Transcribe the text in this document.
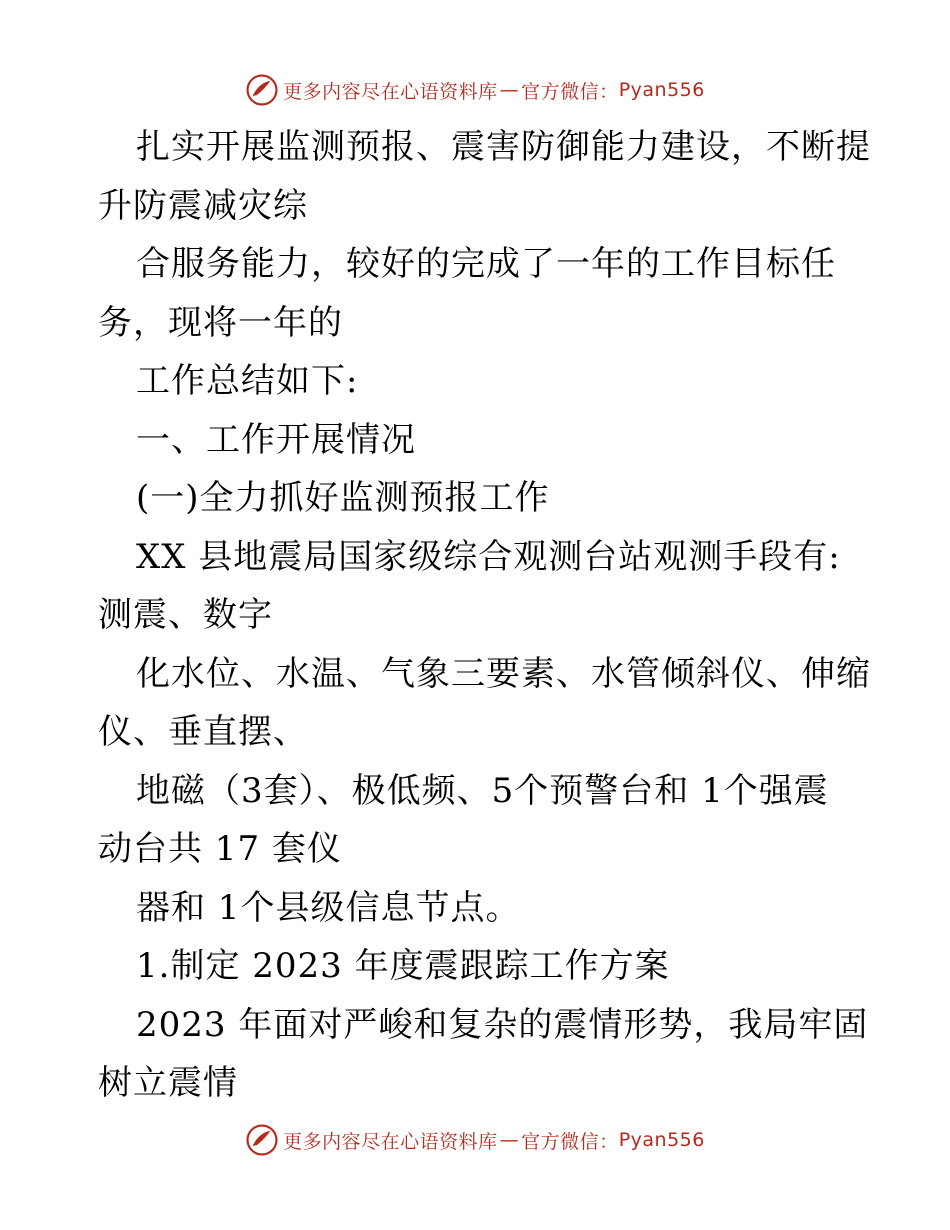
更多内容尽在心语资料库 — 官方微信： Pyan556
扎实开展监测预报、震害防御能力建设，不断提
升防震减灾综
合服务能力，较好的完成了一年的工作目标任
务，现将一年的
工作总结如下:
一、工作开展情况
(一)全力抓好监测预报工作
XX 县地震局国家级综合观测台站观测手段有:
测震、数字
化水位、水温、气象三要素、水管倾斜仪、伸缩
仪、垂直摆、
地磁（3套）、极低频、5个预警台和 1个强震
动台共 17 套仪
器和 1个县级信息节点。
1.制定 2023 年度震跟踪工作方案
2023 年面对严峻和复杂的震情形势，我局牢固
树立震情
更多内容尽在心语资料库 — 官方微信： Pyan556
